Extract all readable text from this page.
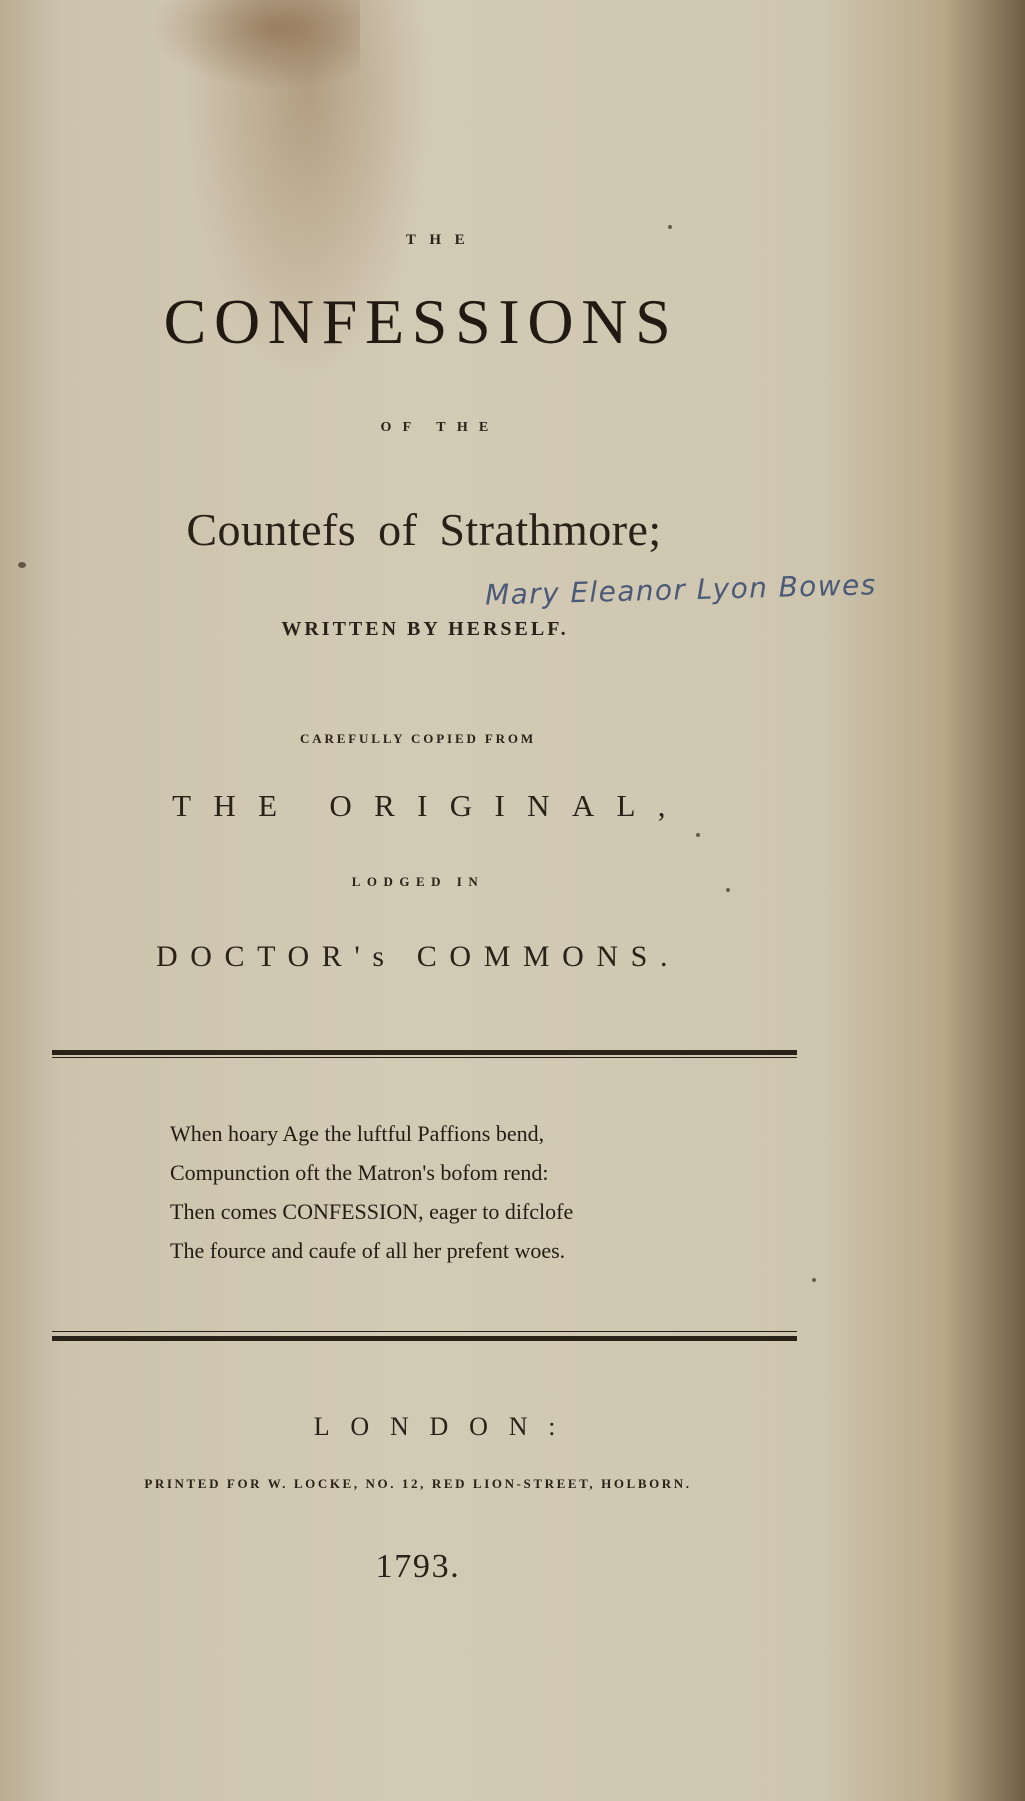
THE
CONFESSIONS
OF THE
Countefs of Strathmore;
Mary Eleanor Lyon Bowes
WRITTEN BY HERSELF.
CAREFULLY COPIED FROM
THE ORIGINAL,
LODGED IN
DOCTOR's COMMONS.
When hoary Age the luftful Paffions bend,
Compunction oft the Matron's bofom rend:
Then comes CONFESSION, eager to difclofe
The fource and caufe of all her prefent woes.
LONDON:
PRINTED FOR W. LOCKE, NO. 12, RED LION-STREET, HOLBORN.
1793.
